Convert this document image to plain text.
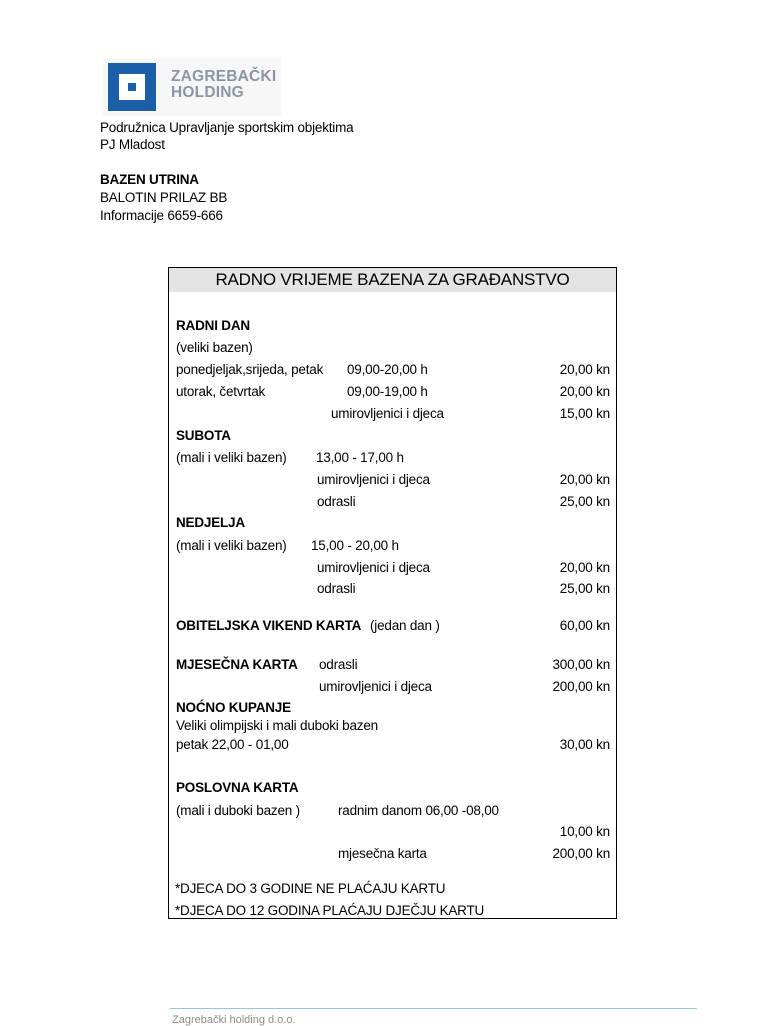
ZAGREBAČKI
HOLDING
Podružnica Upravljanje sportskim objektima
PJ Mladost
BAZEN UTRINA
BALOTIN PRILAZ BB
Informacije 6659-666
RADNO VRIJEME BAZENA ZA GRAĐANSTVO
RADNI DAN
(veliki bazen)
ponedjeljak,srijeda, petak 09,00-20,00 h	20,00 kn
utorak, četvrtak	09,00-19,00 h	20,00 kn
umirovljenici i djeca	15,00 kn
SUBOTA
(mali i veliki bazen) 13,00 - 17,00 h
umirovljenici i djeca	20,00 kn
odrasli	25,00 kn
NEDJELJA
(mali i veliki bazen) 15,00 - 20,00 h
umirovljenici i djeca	20,00 kn
odrasli	25,00 kn
OBITELJSKA VIKEND KARTA (jedan dan )	60,00 kn
MJESEČNA KARTA odrasli	300,00 kn
umirovljenici i djeca	200,00 kn
NOĆNO KUPANJE
Veliki olimpijski i mali duboki bazen
petak 22,00 - 01,00	30,00 kn
POSLOVNA KARTA
(mali i duboki bazen )	radnim danom 06,00 -08,00
10,00 kn
mjesečna karta	200,00 kn
*DJECA DO 3 GODINE NE PLAĆAJU KARTU
*DJECA DO 12 GODINA PLAĆAJU DJEČJU KARTU
Zagrebački holding d.o.o.
